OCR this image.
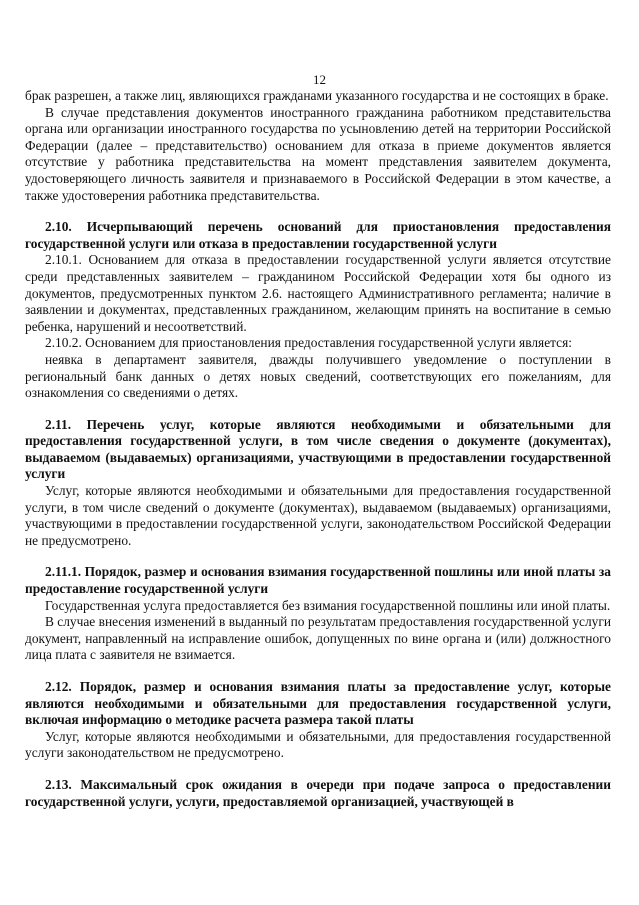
12

брак разрешен, а также лиц, являющихся гражданами указанного государства и не состоящих в браке.

В случае представления документов иностранного гражданина работником представительства органа или организации иностранного государства по усыновлению детей на территории Российской Федерации (далее – представительство) основанием для отказа в приеме документов является отсутствие у работника представительства на момент представления заявителем документа, удостоверяющего личность заявителя и признаваемого в Российской Федерации в этом качестве, а также удостоверения работника представительства.

2.10. Исчерпывающий перечень оснований для приостановления предоставления государственной услуги или отказа в предоставлении государственной услуги

2.10.1. Основанием для отказа в предоставлении государственной услуги является отсутствие среди представленных заявителем – гражданином Российской Федерации хотя бы одного из документов, предусмотренных пунктом 2.6. настоящего Административного регламента; наличие в заявлении и документах, представленных гражданином, желающим принять на воспитание в семью ребенка, нарушений и несоответствий.

2.10.2. Основанием для приостановления предоставления государственной услуги является:

неявка в департамент заявителя, дважды получившего уведомление о поступлении в региональный банк данных о детях новых сведений, соответствующих его пожеланиям, для ознакомления со сведениями о детях.

2.11. Перечень услуг, которые являются необходимыми и обязательными для предоставления государственной услуги, в том числе сведения о документе (документах), выдаваемом (выдаваемых) организациями, участвующими в предоставлении государственной услуги

Услуг, которые являются необходимыми и обязательными для предоставления государственной услуги, в том числе сведений о документе (документах), выдаваемом (выдаваемых) организациями, участвующими в предоставлении государственной услуги, законодательством Российской Федерации не предусмотрено.

2.11.1. Порядок, размер и основания взимания государственной пошлины или иной платы за предоставление государственной услуги

Государственная услуга предоставляется без взимания государственной пошлины или иной платы.

В случае внесения изменений в выданный по результатам предоставления государственной услуги документ, направленный на исправление ошибок, допущенных по вине органа и (или) должностного лица плата с заявителя не взимается.

2.12. Порядок, размер и основания взимания платы за предоставление услуг, которые являются необходимыми и обязательными для предоставления государственной услуги, включая информацию о методике расчета размера такой платы

Услуг, которые являются необходимыми и обязательными, для предоставления государственной услуги законодательством не предусмотрено.

2.13. Максимальный срок ожидания в очереди при подаче запроса о предоставлении государственной услуги, услуги, предоставляемой организацией, участвующей в
